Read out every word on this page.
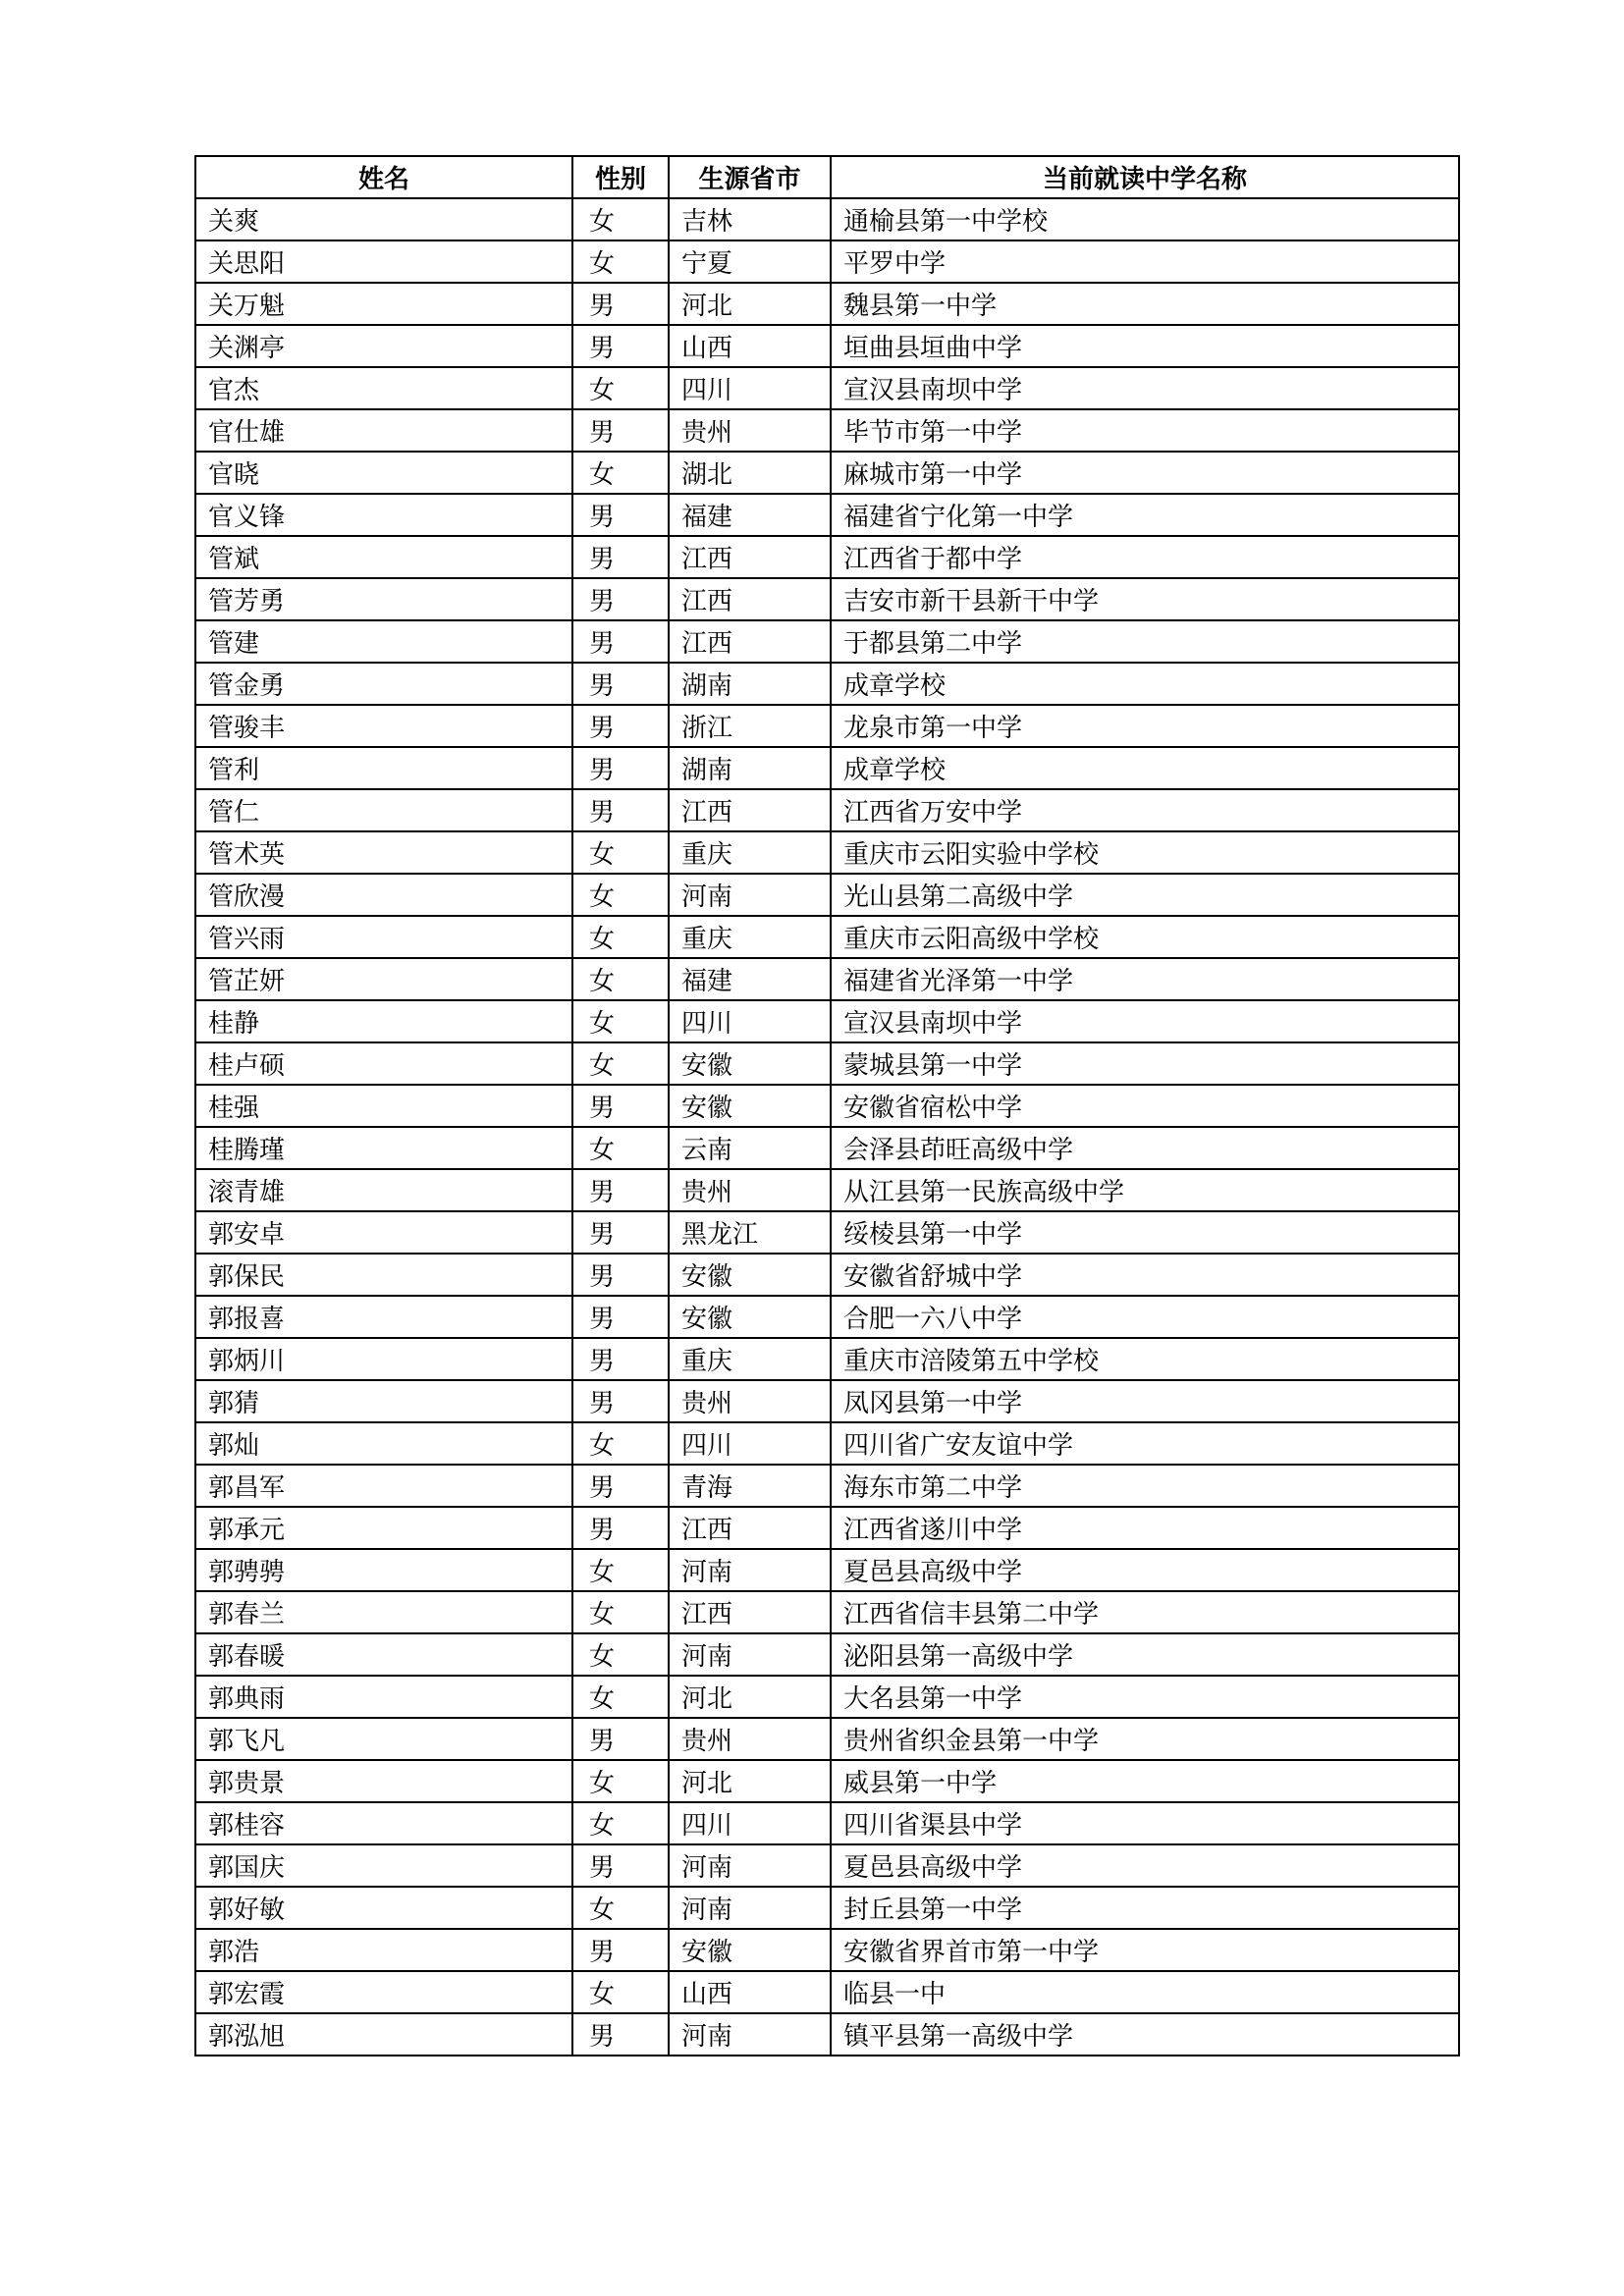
姓名	性别	生源省市	当前就读中学名称
关爽	女	吉林	通榆县第一中学校
关思阳	女	宁夏	平罗中学
关万魁	男	河北	魏县第一中学
关渊亭	男	山西	垣曲县垣曲中学
官杰	女	四川	宣汉县南坝中学
官仕雄	男	贵州	毕节市第一中学
官晓	女	湖北	麻城市第一中学
官义锋	男	福建	福建省宁化第一中学
管斌	男	江西	江西省于都中学
管芳勇	男	江西	吉安市新干县新干中学
管建	男	江西	于都县第二中学
管金勇	男	湖南	成章学校
管骏丰	男	浙江	龙泉市第一中学
管利	男	湖南	成章学校
管仁	男	江西	江西省万安中学
管术英	女	重庆	重庆市云阳实验中学校
管欣漫	女	河南	光山县第二高级中学
管兴雨	女	重庆	重庆市云阳高级中学校
管芷妍	女	福建	福建省光泽第一中学
桂静	女	四川	宣汉县南坝中学
桂卢硕	女	安徽	蒙城县第一中学
桂强	男	安徽	安徽省宿松中学
桂腾瑾	女	云南	会泽县茚旺高级中学
滚青雄	男	贵州	从江县第一民族高级中学
郭安卓	男	黑龙江	绥棱县第一中学
郭保民	男	安徽	安徽省舒城中学
郭报喜	男	安徽	合肥一六八中学
郭炳川	男	重庆	重庆市涪陵第五中学校
郭猜	男	贵州	凤冈县第一中学
郭灿	女	四川	四川省广安友谊中学
郭昌军	男	青海	海东市第二中学
郭承元	男	江西	江西省遂川中学
郭骋骋	女	河南	夏邑县高级中学
郭春兰	女	江西	江西省信丰县第二中学
郭春暖	女	河南	泌阳县第一高级中学
郭典雨	女	河北	大名县第一中学
郭飞凡	男	贵州	贵州省织金县第一中学
郭贵景	女	河北	威县第一中学
郭桂容	女	四川	四川省渠县中学
郭国庆	男	河南	夏邑县高级中学
郭好敏	女	河南	封丘县第一中学
郭浩	男	安徽	安徽省界首市第一中学
郭宏霞	女	山西	临县一中
郭泓旭	男	河南	镇平县第一高级中学
